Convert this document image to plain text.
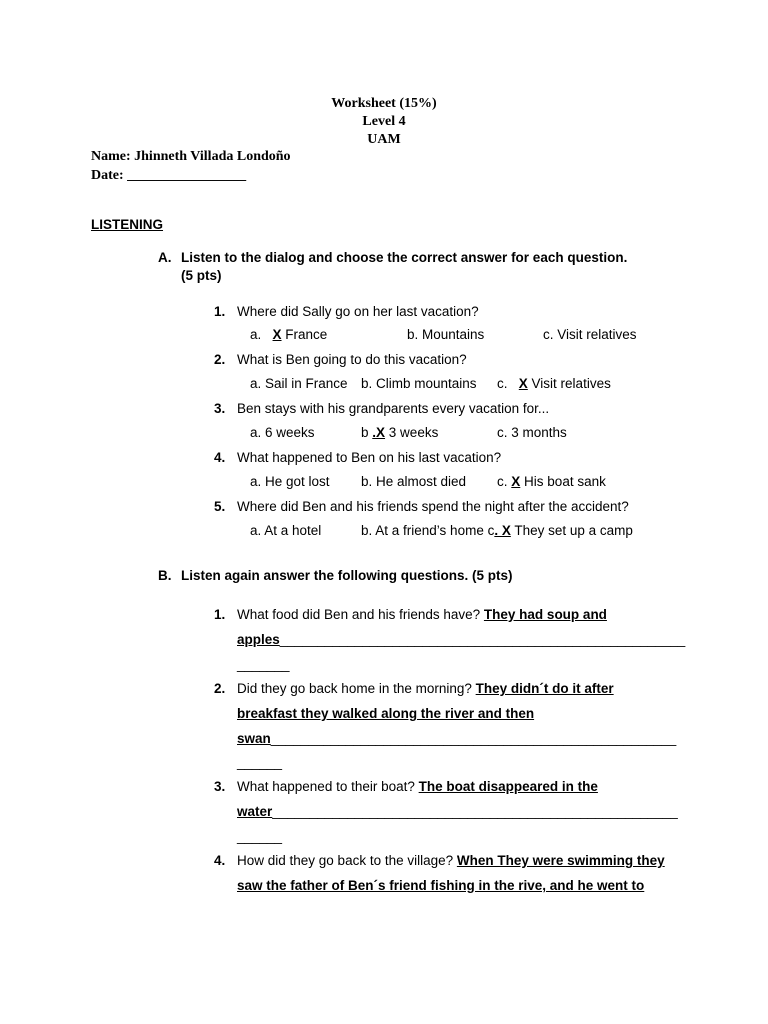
Worksheet (15%)
Level 4
UAM
Name: Jhinneth Villada Londoño
Date: _________________
LISTENING
A. Listen to the dialog and choose the correct answer for each question.
(5 pts)
1. Where did Sally go on her last vacation?
a. X France	b. Mountains	c. Visit relatives
2. What is Ben going to do this vacation?
a. Sail in France b. Climb mountains c. X Visit relatives
3. Ben stays with his grandparents every vacation for...
a. 6 weeks	b .X 3 weeks	c. 3 months
4. What happened to Ben on his last vacation?
a. He got lost b. He almost died c. X His boat sank
5. Where did Ben and his friends spend the night after the accident?
a. At a hotel	b. At a friend’s home c. X They set up a camp
B. Listen again answer the following questions. (5 pts)
1. What food did Ben and his friends have? They had soup and
apples______________________________________________________
_______
2. Did they go back home in the morning? They didn´t do it after
breakfast they walked along the river and then
swan______________________________________________________
______
3. What happened to their boat? The boat disappeared in the
water______________________________________________________
______
4. How did they go back to the village? When They were swimming they
saw the father of Ben´s friend fishing in the rive, and he went to
